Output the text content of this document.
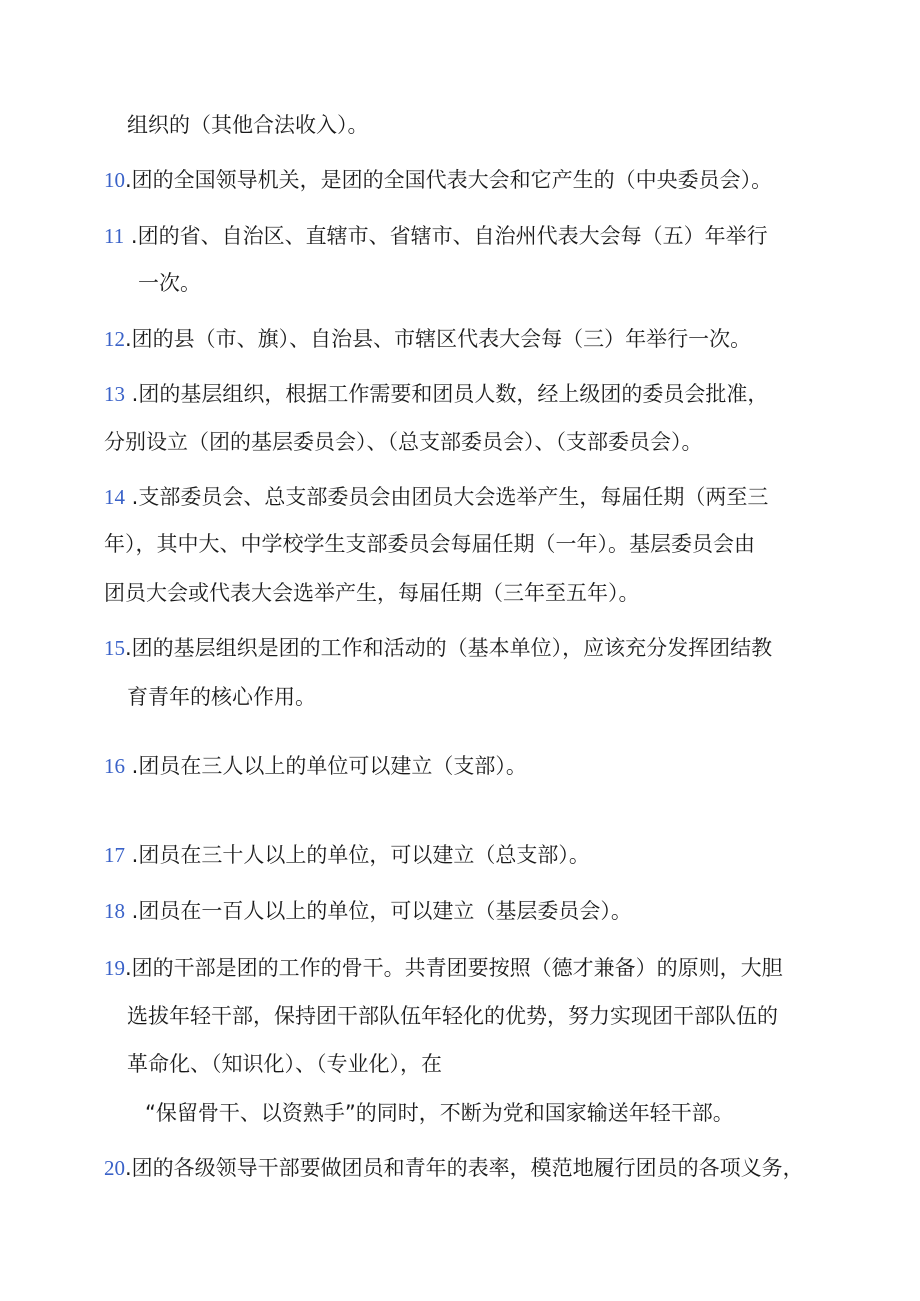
组织的（其他合法收入）。
10.团的全国领导机关，是团的全国代表大会和它产生的（中央委员会）。
11 .团的省、自治区、直辖市、省辖市、自治州代表大会每（五）年举行
一次。
12.团的县（市、旗）、自治县、市辖区代表大会每（三）年举行一次。
13 .团的基层组织，根据工作需要和团员人数，经上级团的委员会批准，
分别设立（团的基层委员会）、（总支部委员会）、（支部委员会）。
14 .支部委员会、总支部委员会由团员大会选举产生，每届任期（两至三
年），其中大、中学校学生支部委员会每届任期（一年）。基层委员会由
团员大会或代表大会选举产生，每届任期（三年至五年）。
15.团的基层组织是团的工作和活动的（基本单位），应该充分发挥团结教
育青年的核心作用。
16 .团员在三人以上的单位可以建立（支部）。
17 .团员在三十人以上的单位，可以建立（总支部）。
18 .团员在一百人以上的单位，可以建立（基层委员会）。
19.团的干部是团的工作的骨干。共青团要按照（德才兼备）的原则，大胆
选拔年轻干部，保持团干部队伍年轻化的优势，努力实现团干部队伍的
革命化、（知识化）、（专业化），在
“保留骨干、以资熟手”的同时，不断为党和国家输送年轻干部。
20.团的各级领导干部要做团员和青年的表率，模范地履行团员的各项义务，
